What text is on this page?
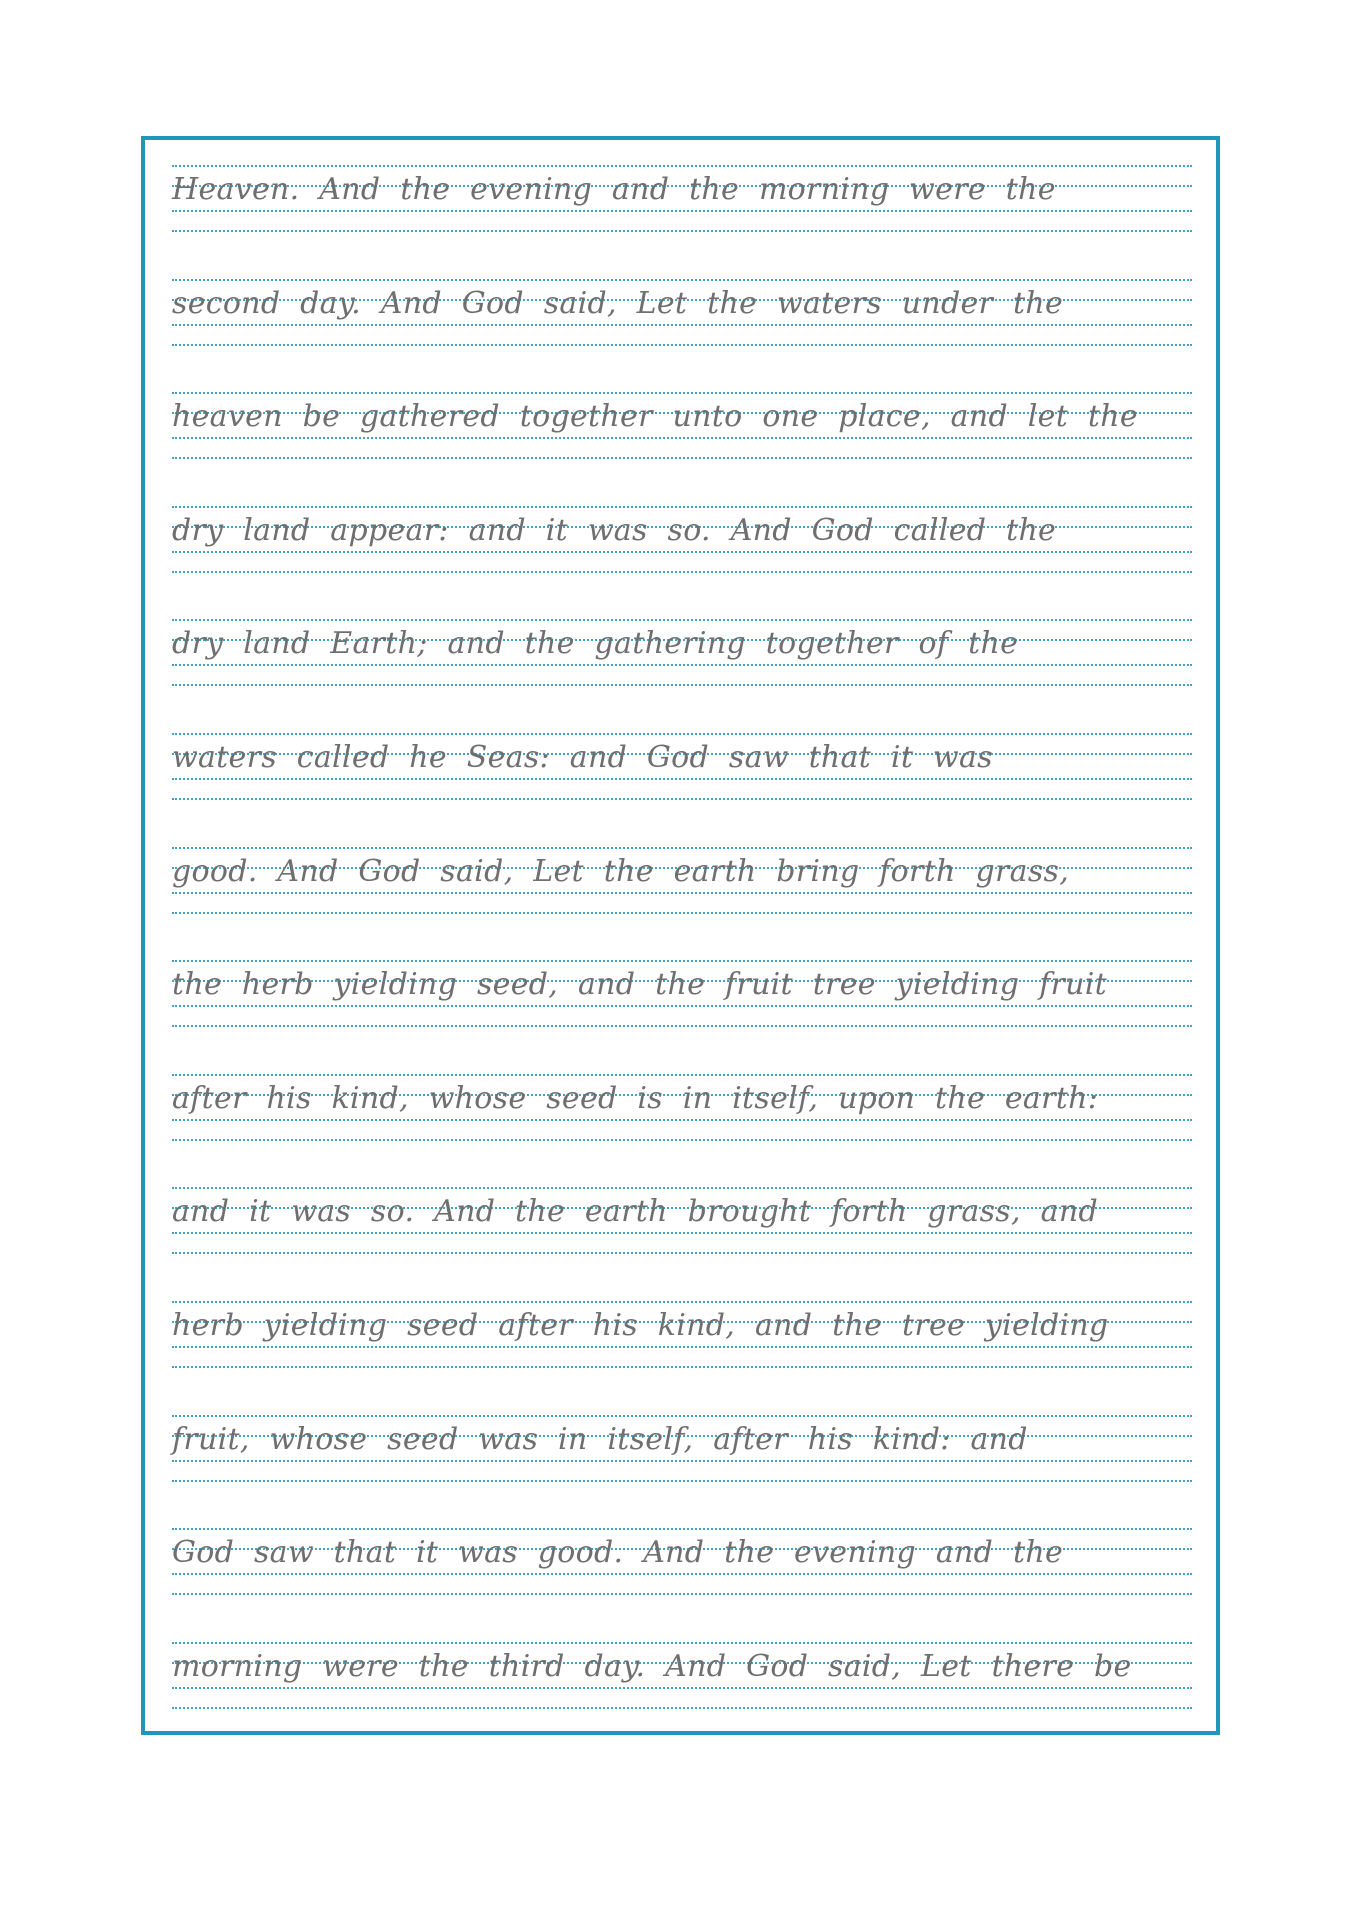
Heaven. And the evening and the morning were the
second day. And God said, Let the waters under the
heaven be gathered together unto one place, and let the
dry land appear: and it was so. And God called the
dry land Earth; and the gathering together of the
waters called he Seas: and God saw that it was
good. And God said, Let the earth bring forth grass,
the herb yielding seed, and the fruit tree yielding fruit
after his kind, whose seed is in itself, upon the earth:
and it was so. And the earth brought forth grass, and
herb yielding seed after his kind, and the tree yielding
fruit, whose seed was in itself, after his kind: and
God saw that it was good. And the evening and the
morning were the third day. And God said, Let there be
